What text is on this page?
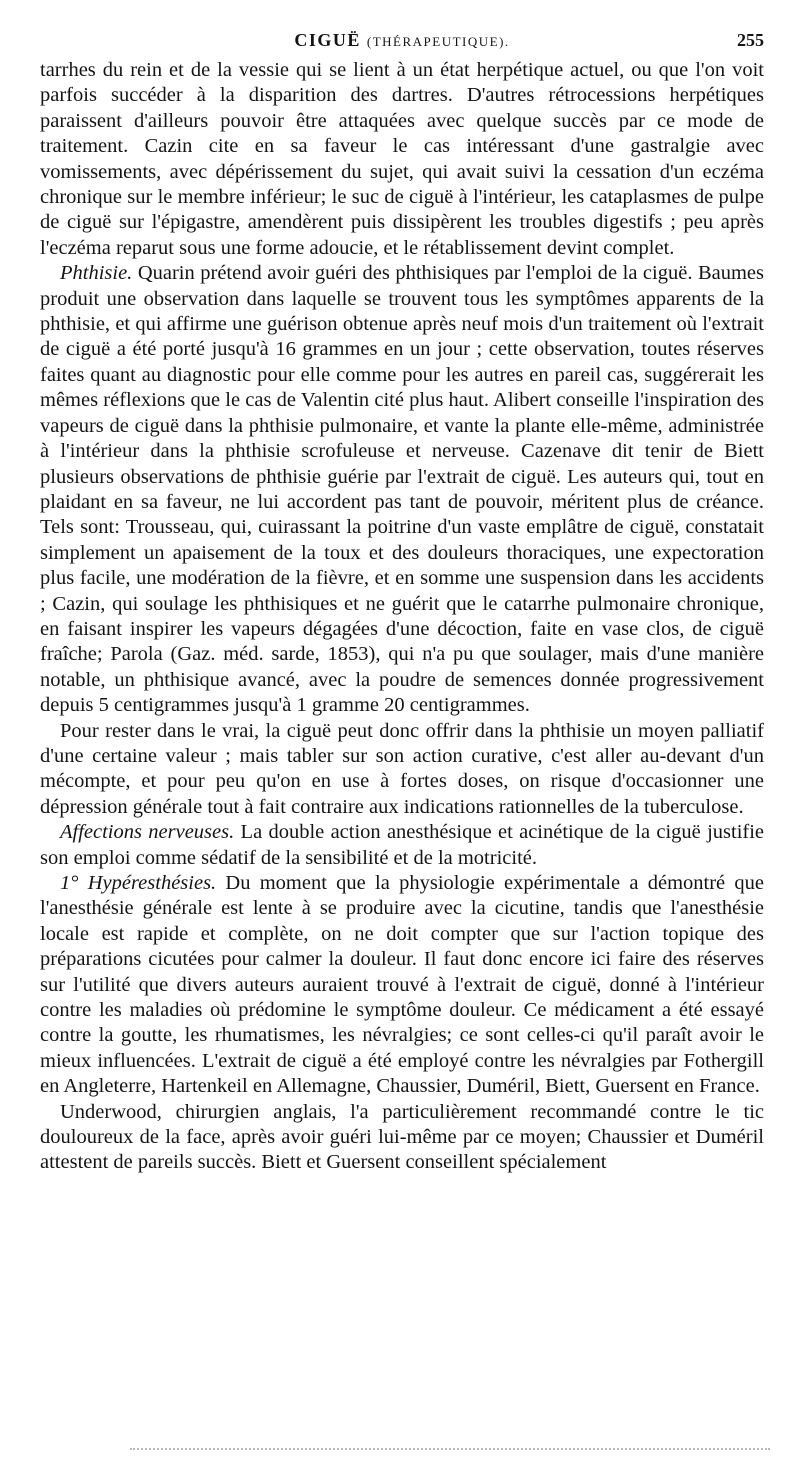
CIGUË (THÉRAPEUTIQUE).	255

tarrhes du rein et de la vessie qui se lient à un état herpétique actuel, ou que l'on voit parfois succéder à la disparition des dartres. D'autres rétrocessions herpétiques paraissent d'ailleurs pouvoir être attaquées avec quelque succès par ce mode de traitement. Cazin cite en sa faveur le cas intéressant d'une gastralgie avec vomissements, avec dépérissement du sujet, qui avait suivi la cessation d'un eczéma chronique sur le membre inférieur; le suc de ciguë à l'intérieur, les cataplasmes de pulpe de ciguë sur l'épigastre, amendèrent puis dissipèrent les troubles digestifs ; peu après l'eczéma reparut sous une forme adoucie, et le rétablissement devint complet.

Phthisie. Quarin prétend avoir guéri des phthisiques par l'emploi de la ciguë. Baumes produit une observation dans laquelle se trouvent tous les symptômes apparents de la phthisie, et qui affirme une guérison obtenue après neuf mois d'un traitement où l'extrait de ciguë a été porté jusqu'à 16 grammes en un jour ; cette observation, toutes réserves faites quant au diagnostic pour elle comme pour les autres en pareil cas, suggérerait les mêmes réflexions que le cas de Valentin cité plus haut. Alibert conseille l'inspiration des vapeurs de ciguë dans la phthisie pulmonaire, et vante la plante elle-même, administrée à l'intérieur dans la phthisie scrofuleuse et nerveuse. Cazenave dit tenir de Biett plusieurs observations de phthisie guérie par l'extrait de ciguë. Les auteurs qui, tout en plaidant en sa faveur, ne lui accordent pas tant de pouvoir, méritent plus de créance. Tels sont: Trousseau, qui, cuirassant la poitrine d'un vaste emplâtre de ciguë, constatait simplement un apaisement de la toux et des douleurs thoraciques, une expectoration plus facile, une modération de la fièvre, et en somme une suspension dans les accidents ; Cazin, qui soulage les phthisiques et ne guérit que le catarrhe pulmonaire chronique, en faisant inspirer les vapeurs dégagées d'une décoction, faite en vase clos, de ciguë fraîche; Parola (Gaz. méd. sarde, 1853), qui n'a pu que soulager, mais d'une manière notable, un phthisique avancé, avec la poudre de semences donnée progressivement depuis 5 centigrammes jusqu'à 1 gramme 20 centigrammes.

Pour rester dans le vrai, la ciguë peut donc offrir dans la phthisie un moyen palliatif d'une certaine valeur ; mais tabler sur son action curative, c'est aller au-devant d'un mécompte, et pour peu qu'on en use à fortes doses, on risque d'occasionner une dépression générale tout à fait contraire aux indications rationnelles de la tuberculose.

Affections nerveuses. La double action anesthésique et acinétique de la ciguë justifie son emploi comme sédatif de la sensibilité et de la motricité.

1° Hypéresthésies. Du moment que la physiologie expérimentale a démontré que l'anesthésie générale est lente à se produire avec la cicutine, tandis que l'anesthésie locale est rapide et complète, on ne doit compter que sur l'action topique des préparations cicutées pour calmer la douleur. Il faut donc encore ici faire des réserves sur l'utilité que divers auteurs auraient trouvé à l'extrait de ciguë, donné à l'intérieur contre les maladies où prédomine le symptôme douleur. Ce médicament a été essayé contre la goutte, les rhumatismes, les névralgies; ce sont celles-ci qu'il paraît avoir le mieux influencées. L'extrait de ciguë a été employé contre les névralgies par Fothergill en Angleterre, Hartenkeil en Allemagne, Chaussier, Duméril, Biett, Guersent en France.

Underwood, chirurgien anglais, l'a particulièrement recommandé contre le tic douloureux de la face, après avoir guéri lui-même par ce moyen; Chaussier et Duméril attestent de pareils succès. Biett et Guersent conseillent spécialement
